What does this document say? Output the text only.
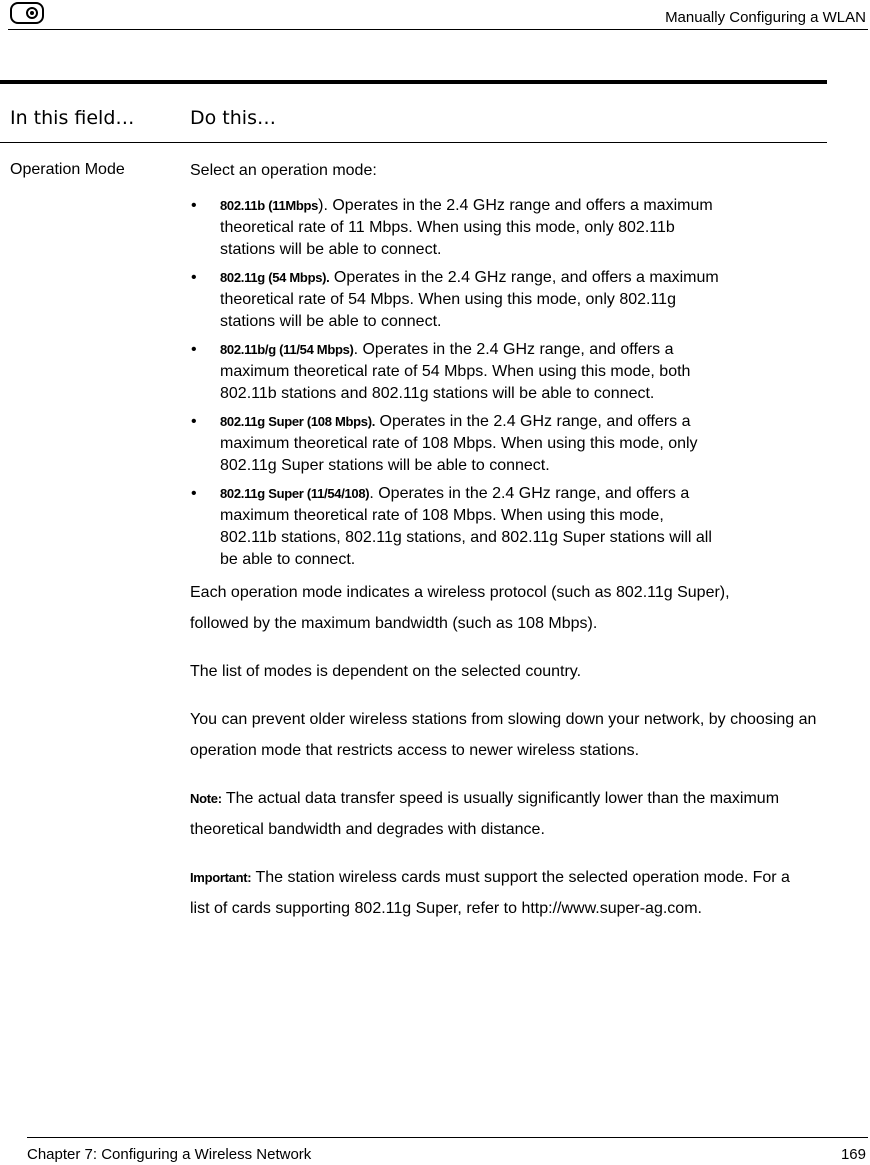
Manually Configuring a WLAN
In this field…	Do this…
Operation Mode	Select an operation mode:

• 802.11b (11Mbps). Operates in the 2.4 GHz range and offers a maximum theoretical rate of 11 Mbps. When using this mode, only 802.11b stations will be able to connect.
• 802.11g (54 Mbps). Operates in the 2.4 GHz range, and offers a maximum theoretical rate of 54 Mbps. When using this mode, only 802.11g stations will be able to connect.
• 802.11b/g (11/54 Mbps). Operates in the 2.4 GHz range, and offers a maximum theoretical rate of 54 Mbps. When using this mode, both 802.11b stations and 802.11g stations will be able to connect.
• 802.11g Super (108 Mbps). Operates in the 2.4 GHz range, and offers a maximum theoretical rate of 108 Mbps. When using this mode, only 802.11g Super stations will be able to connect.
• 802.11g Super (11/54/108). Operates in the 2.4 GHz range, and offers a maximum theoretical rate of 108 Mbps. When using this mode, 802.11b stations, 802.11g stations, and 802.11g Super stations will all be able to connect.

Each operation mode indicates a wireless protocol (such as 802.11g Super), followed by the maximum bandwidth (such as 108 Mbps).

The list of modes is dependent on the selected country.

You can prevent older wireless stations from slowing down your network, by choosing an operation mode that restricts access to newer wireless stations.

Note: The actual data transfer speed is usually significantly lower than the maximum theoretical bandwidth and degrades with distance.

Important: The station wireless cards must support the selected operation mode. For a list of cards supporting 802.11g Super, refer to http://www.super-ag.com.

Chapter 7: Configuring a Wireless Network	169
